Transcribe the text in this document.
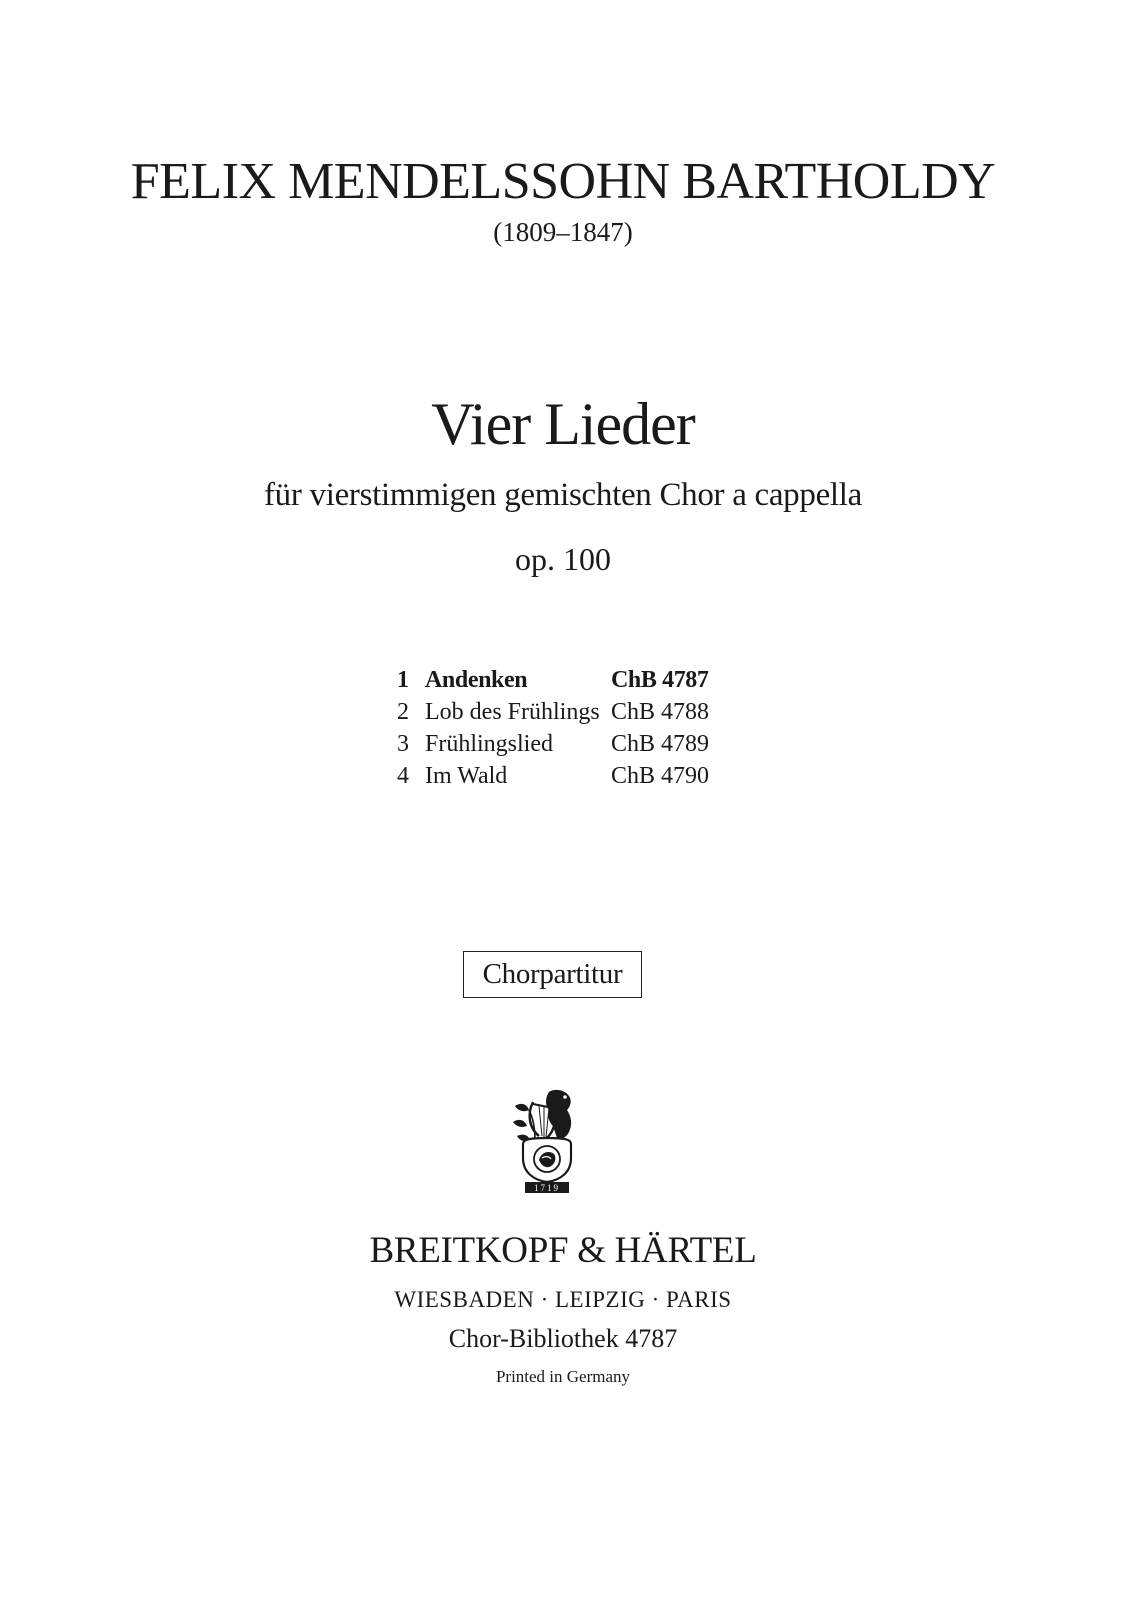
FELIX MENDELSSOHN BARTHOLDY
(1809–1847)
Vier Lieder
für vierstimmigen gemischten Chor a cappella
op. 100
1	Andenken	ChB 4787
2	Lob des Frühlings	ChB 4788
3	Frühlingslied	ChB 4789
4	Im Wald	ChB 4790
Chorpartitur
1719
BREITKOPF & HÄRTEL
WIESBADEN · LEIPZIG · PARIS
Chor-Bibliothek 4787
Printed in Germany
